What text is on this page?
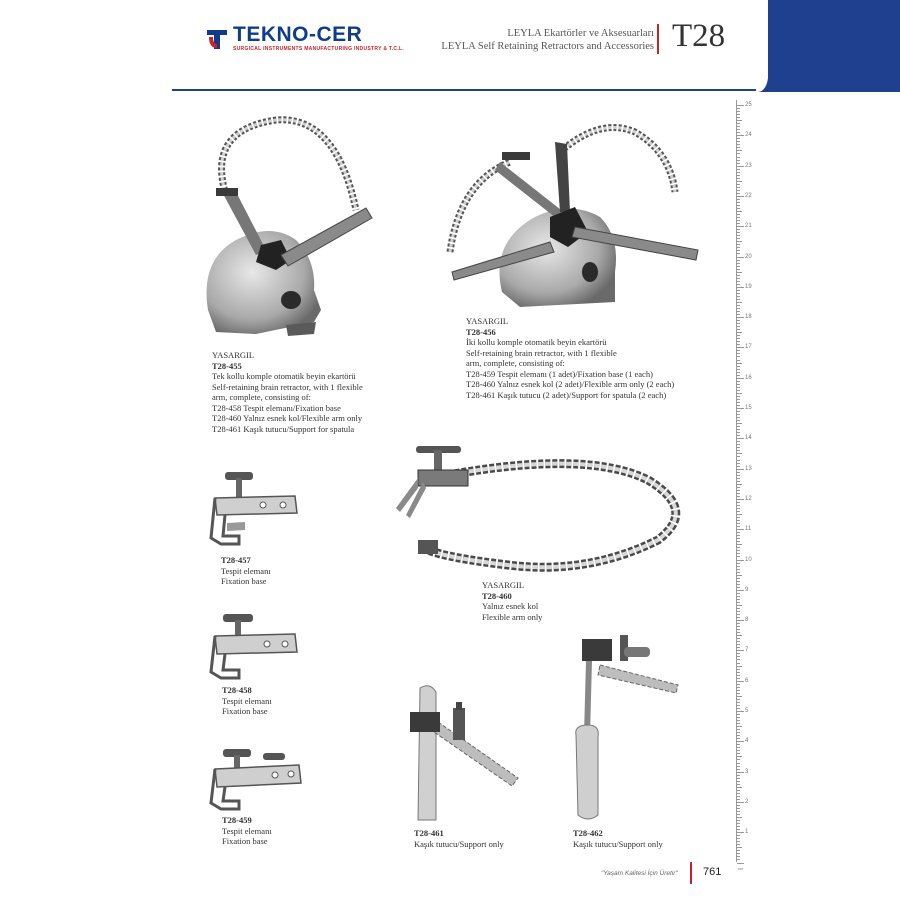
TEKNO-CER
SURGICAL INSTRUMENTS MANUFACTURING INDUSTRY & T.C.L.
LEYLA Ekartörler ve Aksesuarları
LEYLA Self Retaining Retractors and Accessories T28
25
24
23
22
21
20
19
18
17
16
15
14
13
12
11
10
9
8
7
6
5
4
3
2
1
cm
YASARGIL
T28-455
Tek kollu komple otomatik beyin ekartörü
Self-retaining brain retractor, with 1 flexible
arm, complete, consisting of:
T28-458 Tespit elemanı/Fixation base
T28-460 Yalnız esnek kol/Flexible arm only
T28-461 Kaşık tutucu/Support for spatula
YASARGIL
T28-456
İki kollu komple otomatik beyin ekartörü
Self-retaining brain retractor, with 1 flexible
arm, complete, consisting of:
T28-459 Tespit elemanı (1 adet)/Fixation base (1 each)
T28-460 Yalnız esnek kol (2 adet)/Flexible arm only (2 each)
T28-461 Kaşık tutucu (2 adet)/Support for spatula (2 each)
T28-457
Tespit elemanı
Fixation base	YASARGIL
T28-460
Yalnız esnek kol
Flexible arm only
T28-458
Tespit elemanı
Fixation base
T28-459
Tespit elemanı
Fixation base
T28-461
Kaşık tutucu/Support only
T28-462
Kaşık tutucu/Support only
"Yaşam Kalitesi İçin Üretir" 761
